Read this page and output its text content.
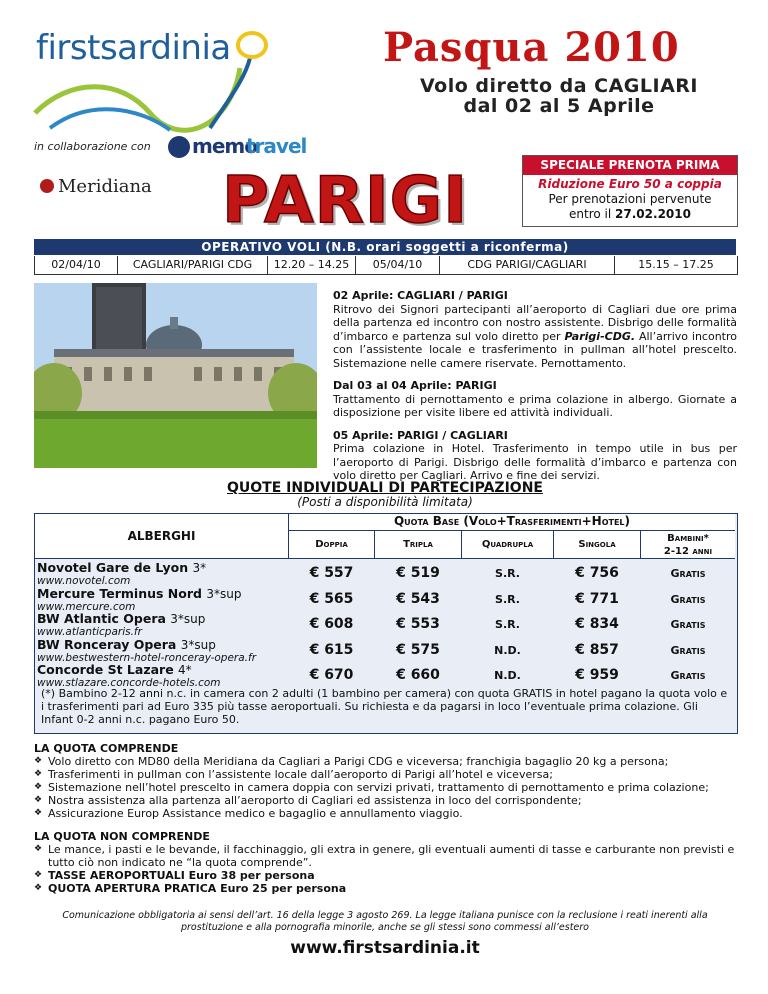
firstsardinia
in collaborazione con memo
travel
Meridiana
Pasqua 2010
Volo diretto da CAGLIARI
dal 02 al 5 Aprile
PARIGI	SPECIALE PRENOTA PRIMA
Riduzione Euro 50 a coppia
Per prenotazioni pervenute
entro il 27.02.2010
OPERATIVO VOLI (N.B. orari soggetti a riconferma)
02/04/10	CAGLIARI/PARIGI CDG	12.20 – 14.25	05/04/10	CDG PARIGI/CAGLIARI	15.15 – 17.25

02 Aprile: CAGLIARI / PARIGI
Ritrovo dei Signori partecipanti all’aeroporto di Cagliari due ore prima della partenza ed incontro con nostro assistente. Disbrigo delle formalità d’imbarco e partenza sul volo diretto per Parigi-CDG. All’arrivo incontro con l’assistente locale e trasferimento in pullman all’hotel prescelto. Sistemazione nelle camere riservate. Pernottamento.

Dal 03 al 04 Aprile: PARIGI
Trattamento di pernottamento e prima colazione in albergo. Giornate a disposizione per visite libere ed attività individuali.

05 Aprile: PARIGI / CAGLIARI
Prima colazione in Hotel. Trasferimento in tempo utile in bus per l’aeroporto di Parigi. Disbrigo delle formalità d’imbarco e partenza con volo diretto per Cagliari. Arrivo e fine dei servizi.

QUOTE INDIVIDUALI DI PARTECIPAZIONE
(Posti a disponibilità limitata)
ALBERGHI
Quota Base (Volo+Trasferimenti+Hotel)
Doppia	Tripla	Quadrupla	Singola
Bambini*
2-12 anni
Novotel Gare de Lyon 3*
www.novotel.com	€ 557	€ 519	S.R.	€ 756	Gratis
Mercure Terminus Nord 3*sup
www.mercure.com	€ 565	€ 543	S.R.	€ 771	Gratis
BW Atlantic Opera 3*sup
www.atlanticparis.fr	€ 608	€ 553	S.R.	€ 834	Gratis
BW Ronceray Opera 3*sup
www.bestwestern-hotel-ronceray-opera.fr	€ 615	€ 575	N.D.	€ 857	Gratis
Concorde St Lazare 4*
www.stlazare.concorde-hotels.com	€ 670	€ 660	N.D.	€ 959	Gratis
(*) Bambino 2-12 anni n.c. in camera con 2 adulti (1 bambino per camera) con quota GRATIS in hotel pagano la quota volo e i trasferimenti pari ad Euro 335 più tasse aeroportuali. Su richiesta e da pagarsi in loco l’eventuale prima colazione. Gli Infant 0-2 anni n.c. pagano Euro 50.
LA QUOTA COMPRENDE
❖ Volo diretto con MD80 della Meridiana da Cagliari a Parigi CDG e viceversa; franchigia bagaglio 20 kg a persona;
❖ Trasferimenti in pullman con l’assistente locale dall’aeroporto di Parigi all’hotel e viceversa;
❖ Sistemazione nell’hotel prescelto in camera doppia con servizi privati, trattamento di pernottamento e prima colazione;
❖ Nostra assistenza alla partenza all’aeroporto di Cagliari ed assistenza in loco del corrispondente;
❖ Assicurazione Europ Assistance medico e bagaglio e annullamento viaggio.
LA QUOTA NON COMPRENDE
❖ Le mance, i pasti e le bevande, il facchinaggio, gli extra in genere, gli eventuali aumenti di tasse e carburante non previsti e tutto ciò non indicato ne “la quota comprende”.
❖ TASSE AEROPORTUALI Euro 38 per persona
❖ QUOTA APERTURA PRATICA Euro 25 per persona
Comunicazione obbligatoria ai sensi dell’art. 16 della legge 3 agosto 269. La legge italiana punisce con la reclusione i reati inerenti alla prostituzione e alla pornografia minorile, anche se gli stessi sono commessi all’estero
www.firstsardinia.it
